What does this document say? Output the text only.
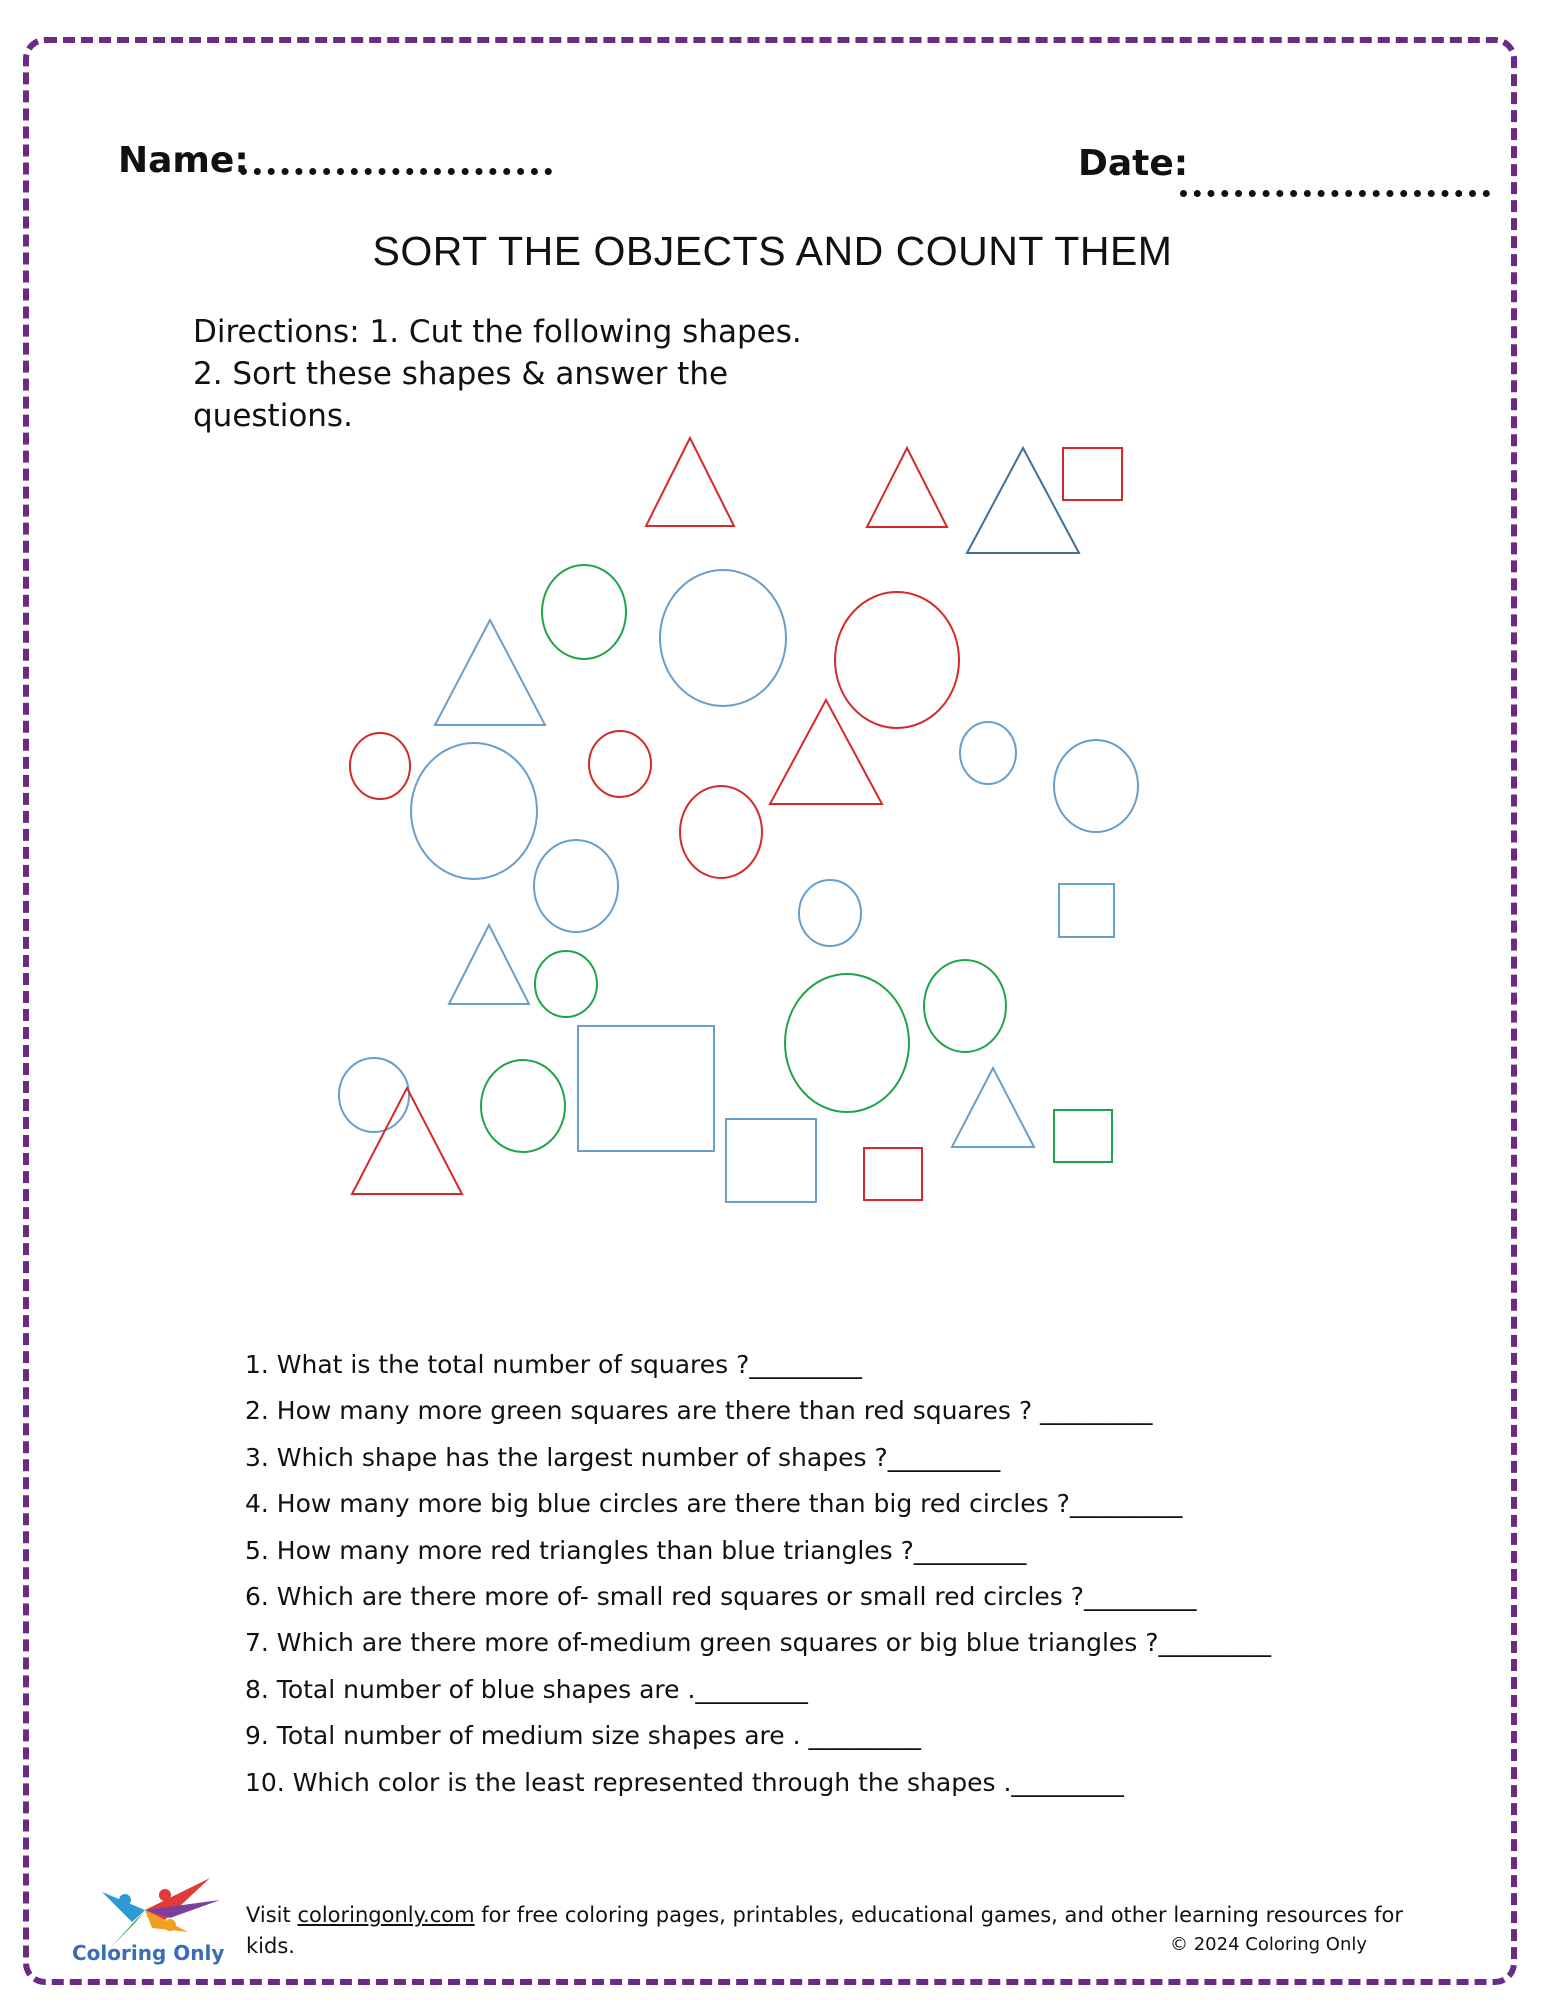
Name:	Date:
SORT THE OBJECTS AND COUNT THEM
Directions: 1. Cut the following shapes.
2. Sort these shapes & answer the
questions.
1. What is the total number of squares ?_________
2. How many more green squares are there than red squares ? _________
3. Which shape has the largest number of shapes ?_________
4. How many more big blue circles are there than big red circles ?_________
5. How many more red triangles than blue triangles ?_________
6. Which are there more of- small red squares or small red circles ?_________
7. Which are there more of-medium green squares or big blue triangles ?_________
8. Total number of blue shapes are ._________
9. Total number of medium size shapes are . _________
10. Which color is the least represented through the shapes ._________
Coloring Only
Visit coloringonly.com for free coloring pages, printables, educational games, and other learning resources for kids.	© 2024 Coloring Only
